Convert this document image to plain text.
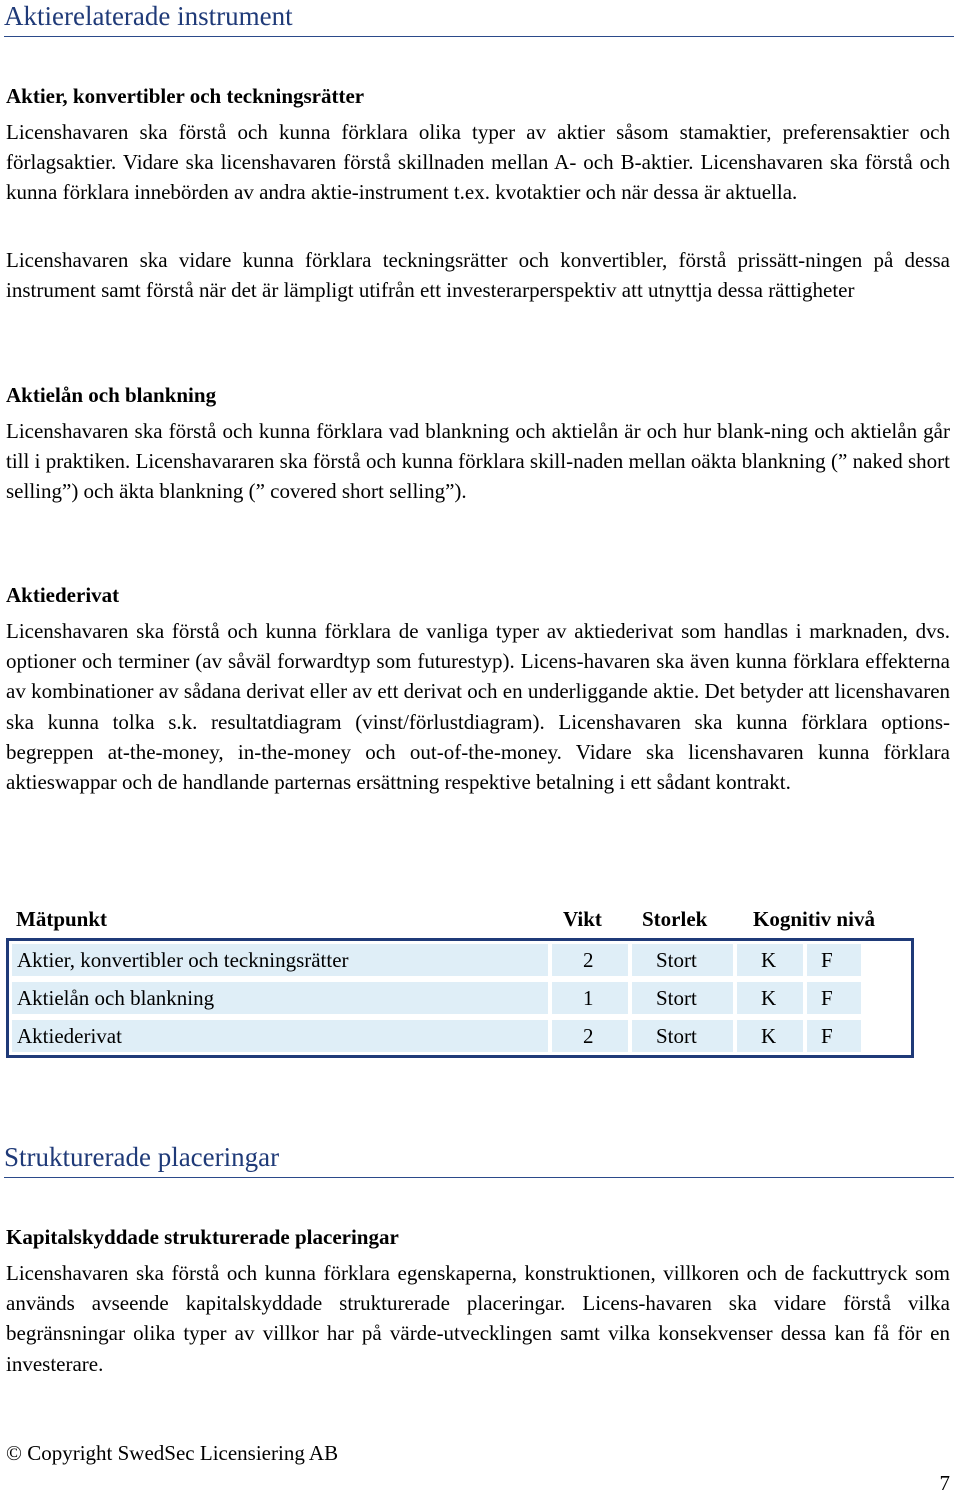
Aktierelaterade instrument
Aktier, konvertibler och teckningsrätter

Licenshavaren ska förstå och kunna förklara olika typer av aktier såsom stamaktier, preferensaktier och förlagsaktier. Vidare ska licenshavaren förstå skillnaden mellan A- och B-aktier. Licenshavaren ska förstå och kunna förklara innebörden av andra aktie-instrument t.ex. kvotaktier och när dessa är aktuella.

Licenshavaren ska vidare kunna förklara teckningsrätter och konvertibler, förstå prissätt-ningen på dessa instrument samt förstå när det är lämpligt utifrån ett investerarperspektiv att utnyttja dessa rättigheter

Aktielån och blankning

Licenshavaren ska förstå och kunna förklara vad blankning och aktielån är och hur blank-ning och aktielån går till i praktiken. Licenshavararen ska förstå och kunna förklara skill-naden mellan oäkta blankning (” naked short selling”) och äkta blankning (” covered short selling”).

Aktiederivat

Licenshavaren ska förstå och kunna förklara de vanliga typer av aktiederivat som handlas i marknaden, dvs. optioner och terminer (av såväl forwardtyp som futurestyp). Licens-havaren ska även kunna förklara effekterna av kombinationer av sådana derivat eller av ett derivat och en underliggande aktie. Det betyder att licenshavaren ska kunna tolka s.k. resultatdiagram (vinst/förlustdiagram). Licenshavaren ska kunna förklara options-begreppen at-the-money, in-the-money och out-of-the-money. Vidare ska licenshavaren kunna förklara aktieswappar och de handlande parternas ersättning respektive betalning i ett sådant kontrakt.

Mätpunkt	Vikt Storlek Kognitiv nivå
Aktier, konvertibler och teckningsrätter	2	Stort	K F
Aktielån och blankning	1	Stort	K F
Aktiederivat	2	Stort	K F
Strukturerade placeringar
Kapitalskyddade strukturerade placeringar

Licenshavaren ska förstå och kunna förklara egenskaperna, konstruktionen, villkoren och de fackuttryck som används avseende kapitalskyddade strukturerade placeringar. Licens-havaren ska vidare förstå vilka begränsningar olika typer av villkor har på värde-utvecklingen samt vilka konsekvenser dessa kan få för en investerare.

© Copyright SwedSec Licensiering AB
7
